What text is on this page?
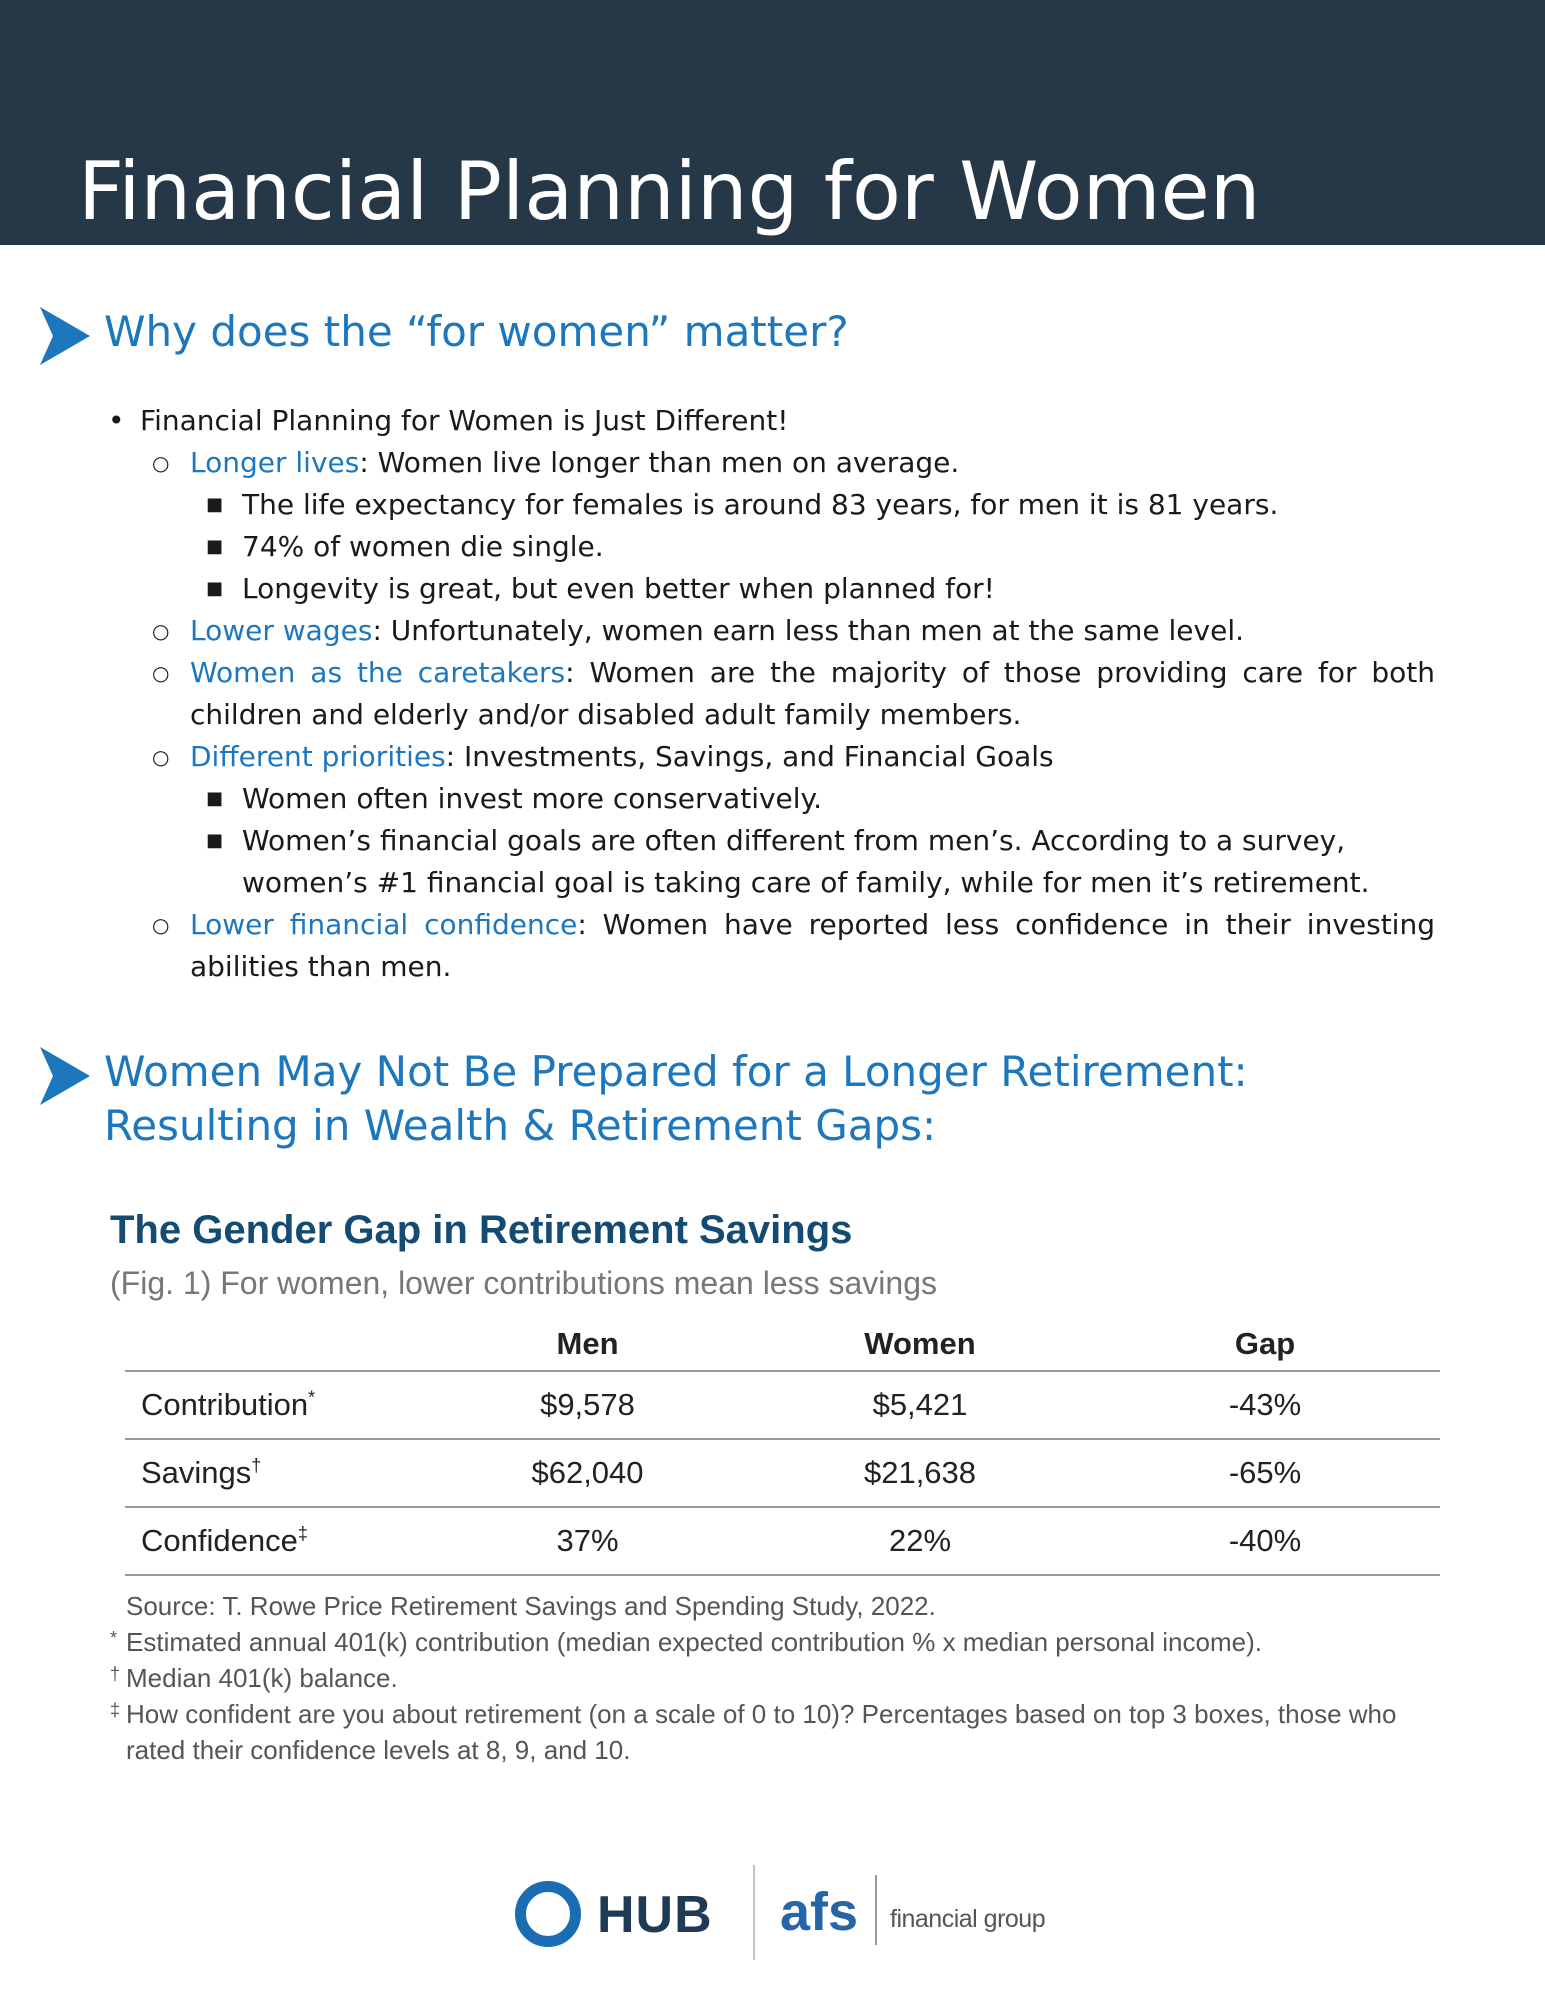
Financial Planning for Women
Why does the “for women” matter?
• Financial Planning for Women is Just Different!
○ Longer lives: Women live longer than men on average.
■ The life expectancy for females is around 83 years, for men it is 81 years.
■ 74% of women die single.
■ Longevity is great, but even better when planned for!
○ Lower wages: Unfortunately, women earn less than men at the same level.
○ Women as the caretakers: Women are the majority of those providing care for both children and elderly and/or disabled adult family members.
○ Different priorities: Investments, Savings, and Financial Goals
■ Women often invest more conservatively.
■ Women’s financial goals are often different from men’s. According to a survey, women’s #1 financial goal is taking care of family, while for men it’s retirement.
○ Lower financial confidence: Women have reported less confidence in their investing abilities than men.
Women May Not Be Prepared for a Longer Retirement:
Resulting in Wealth & Retirement Gaps:
The Gender Gap in Retirement Savings
(Fig. 1) For women, lower contributions mean less savings
	Men	Women	Gap
Contribution*	$9,578	$5,421	-43%
Savings†	$62,040	$21,638	-65%
Confidence‡	37%	22%	-40%

Source: T. Rowe Price Retirement Savings and Spending Study, 2022.

* Estimated annual 401(k) contribution (median expected contribution % x median personal income).

† Median 401(k) balance.

‡ How confident are you about retirement (on a scale of 0 to 10)? Percentages based on top 3 boxes, those who rated their confidence levels at 8, 9, and 10.

HUB afs financial group
